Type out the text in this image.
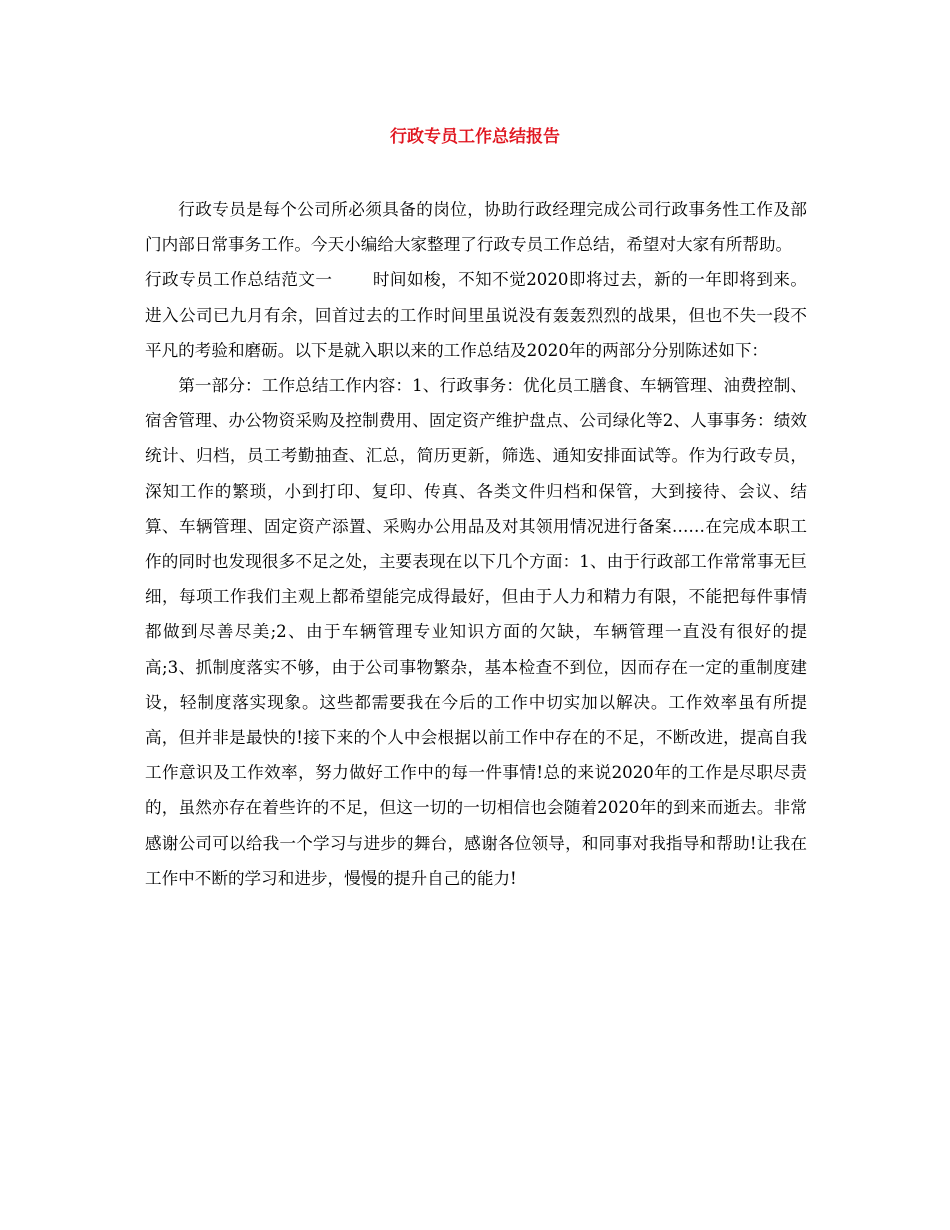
行政专员工作总结报告

行政专员是每个公司所必须具备的岗位，协助行政经理完成公司行政事务性工作及部门内部日常事务工作。今天小编给大家整理了行政专员工作总结，希望对大家有所帮助。

行政专员工作总结范文一 时间如梭，不知不觉2020即将过去，新的一年即将到来。进入公司已九月有余，回首过去的工作时间里虽说没有轰轰烈烈的战果，但也不失一段不平凡的考验和磨砺。以下是就入职以来的工作总结及2020年的两部分分别陈述如下：

第一部分：工作总结工作内容：1、行政事务：优化员工膳食、车辆管理、油费控制、宿舍管理、办公物资采购及控制费用、固定资产维护盘点、公司绿化等2、人事事务：绩效统计、归档，员工考勤抽查、汇总，简历更新，筛选、通知安排面试等。作为行政专员，深知工作的繁琐，小到打印、复印、传真、各类文件归档和保管，大到接待、会议、结算、车辆管理、固定资产添置、采购办公用品及对其领用情况进行备案……在完成本职工作的同时也发现很多不足之处，主要表现在以下几个方面：1、由于行政部工作常常事无巨细，每项工作我们主观上都希望能完成得最好，但由于人力和精力有限，不能把每件事情都做到尽善尽美;2、由于车辆管理专业知识方面的欠缺，车辆管理一直没有很好的提高;3、抓制度落实不够，由于公司事物繁杂，基本检查不到位，因而存在一定的重制度建设，轻制度落实现象。这些都需要我在今后的工作中切实加以解决。工作效率虽有所提高，但并非是最快的!接下来的个人中会根据以前工作中存在的不足，不断改进，提高自我工作意识及工作效率，努力做好工作中的每一件事情!总的来说2020年的工作是尽职尽责的，虽然亦存在着些许的不足，但这一切的一切相信也会随着2020年的到来而逝去。非常感谢公司可以给我一个学习与进步的舞台，感谢各位领导，和同事对我指导和帮助!让我在工作中不断的学习和进步，慢慢的提升自己的能力!
